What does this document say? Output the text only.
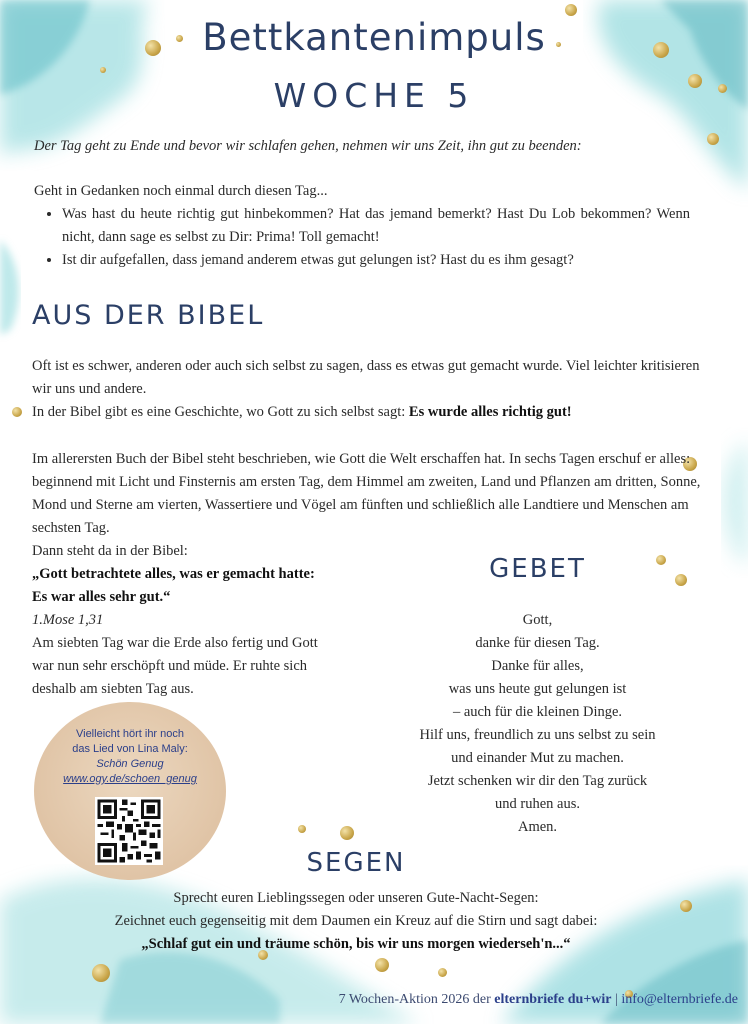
Bettkantenimpuls
WOCHE 5
Der Tag geht zu Ende und bevor wir schlafen gehen, nehmen wir uns Zeit, ihn gut zu beenden:
Geht in Gedanken noch einmal durch diesen Tag...
• Was hast du heute richtig gut hinbekommen? Hat das jemand bemerkt? Hast Du Lob bekommen? Wenn nicht, dann sage es selbst zu Dir: Prima! Toll gemacht!
• Ist dir aufgefallen, dass jemand anderem etwas gut gelungen ist? Hast du es ihm gesagt?
AUS DER BIBEL
Oft ist es schwer, anderen oder auch sich selbst zu sagen, dass es etwas gut gemacht wurde. Viel leichter kritisieren wir uns und andere.
In der Bibel gibt es eine Geschichte, wo Gott zu sich selbst sagt: Es wurde alles richtig gut!
Im allerersten Buch der Bibel steht beschrieben, wie Gott die Welt erschaffen hat. In sechs Tagen erschuf er alles: beginnend mit Licht und Finsternis am ersten Tag, dem Himmel am zweiten, Land und Pflanzen am dritten, Sonne, Mond und Sterne am vierten, Wassertiere und Vögel am fünften und schließlich alle Landtiere und Menschen am sechsten Tag.
Dann steht da in der Bibel:
„Gott betrachtete alles, was er gemacht hatte:
Es war alles sehr gut.“
1.Mose 1,31
Am siebten Tag war die Erde also fertig und Gott war nun sehr erschöpft und müde. Er ruhte sich deshalb am siebten Tag aus.
GEBET
Gott,
danke für diesen Tag.
Danke für alles,
was uns heute gut gelungen ist
– auch für die kleinen Dinge.
Hilf uns, freundlich zu uns selbst zu sein
und einander Mut zu machen.
Jetzt schenken wir dir den Tag zurück
und ruhen aus.
Amen.
Vielleicht hört ihr noch
das Lied von Lina Maly:
Schön Genug
www.ogy.de/schoen_genug
SEGEN
Sprecht euren Lieblingssegen oder unseren Gute-Nacht-Segen:
Zeichnet euch gegenseitig mit dem Daumen ein Kreuz auf die Stirn und sagt dabei:
„Schlaf gut ein und träume schön, bis wir uns morgen wiederseh'n...“
7 Wochen-Aktion 2026 der elternbriefe du+wir | info@elternbriefe.de
